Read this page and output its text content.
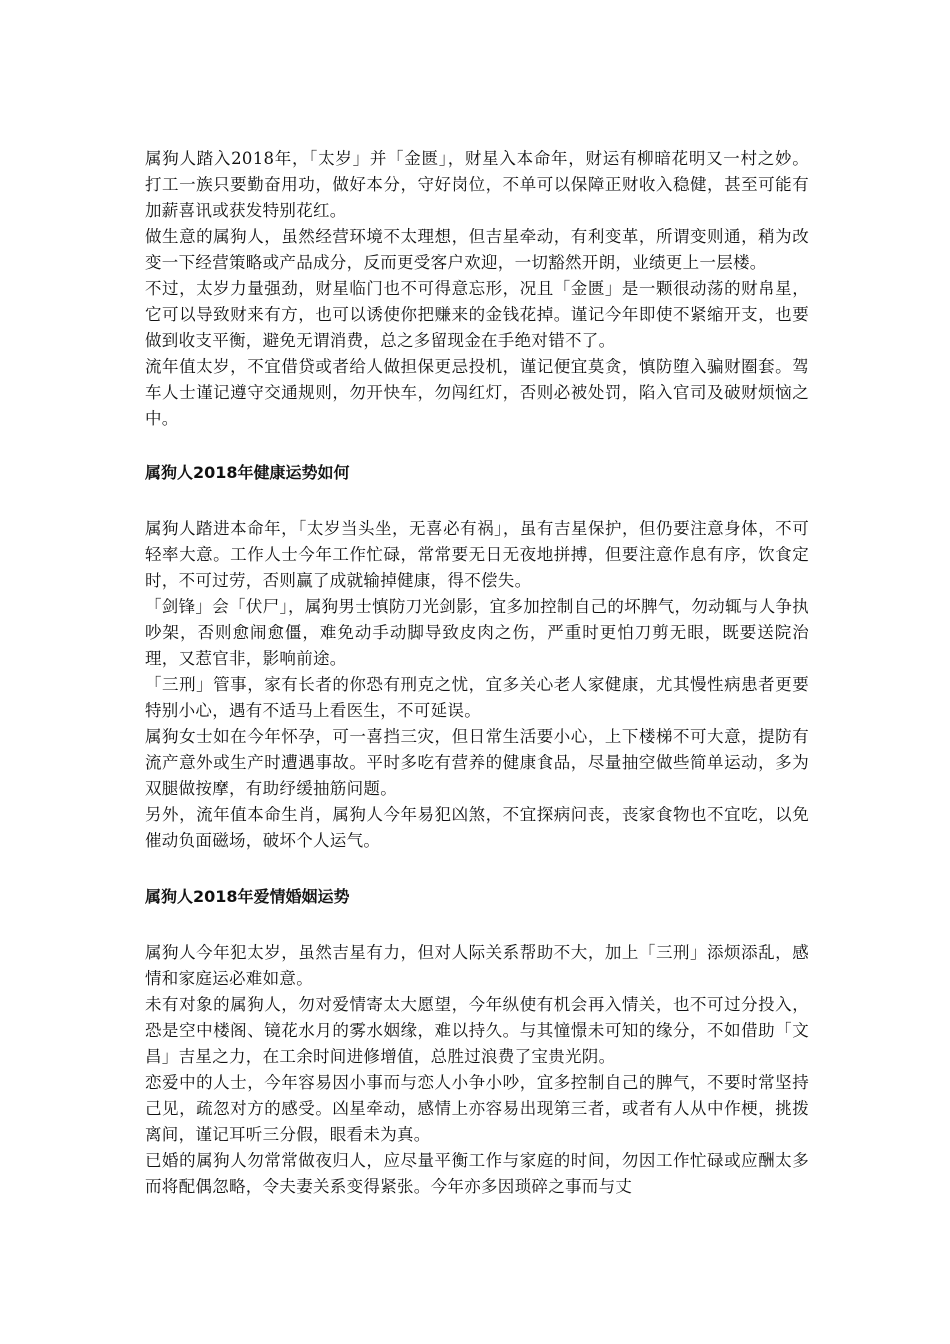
属狗人踏入2018年，「太岁」并「金匮」，财星入本命年，财运有柳暗花明又一村之妙。打工一族只要勤奋用功，做好本分，守好岗位，不单可以保障正财收入稳健，甚至可能有加薪喜讯或获发特别花红。

做生意的属狗人，虽然经营环境不太理想，但吉星牵动，有利变革，所谓变则通，稍为改变一下经营策略或产品成分，反而更受客户欢迎，一切豁然开朗，业绩更上一层楼。

不过，太岁力量强劲，财星临门也不可得意忘形，况且「金匮」是一颗很动荡的财帛星，它可以导致财来有方，也可以诱使你把赚来的金钱花掉。谨记今年即使不紧缩开支，也要做到收支平衡，避免无谓消费，总之多留现金在手绝对错不了。

流年值太岁，不宜借贷或者给人做担保更忌投机，谨记便宜莫贪，慎防堕入骗财圈套。驾车人士谨记遵守交通规则，勿开快车，勿闯红灯，否则必被处罚，陷入官司及破财烦恼之中。

属狗人2018年健康运势如何

属狗人踏进本命年，「太岁当头坐，无喜必有祸」，虽有吉星保护，但仍要注意身体，不可轻率大意。工作人士今年工作忙碌，常常要无日无夜地拼搏，但要注意作息有序，饮食定时，不可过劳，否则赢了成就输掉健康，得不偿失。

「剑锋」会「伏尸」，属狗男士慎防刀光剑影，宜多加控制自己的坏脾气，勿动辄与人争执吵架，否则愈闹愈僵，难免动手动脚导致皮肉之伤，严重时更怕刀剪无眼，既要送院治理，又惹官非，影响前途。

「三刑」管事，家有长者的你恐有刑克之忧，宜多关心老人家健康，尤其慢性病患者更要特别小心，遇有不适马上看医生，不可延误。

属狗女士如在今年怀孕，可一喜挡三灾，但日常生活要小心，上下楼梯不可大意，提防有流产意外或生产时遭遇事故。平时多吃有营养的健康食品，尽量抽空做些简单运动，多为双腿做按摩，有助纾缓抽筋问题。

另外，流年值本命生肖，属狗人今年易犯凶煞，不宜探病问丧，丧家食物也不宜吃，以免催动负面磁场，破坏个人运气。

属狗人2018年爱情婚姻运势

属狗人今年犯太岁，虽然吉星有力，但对人际关系帮助不大，加上「三刑」添烦添乱，感情和家庭运必难如意。

未有对象的属狗人，勿对爱情寄太大愿望，今年纵使有机会再入情关，也不可过分投入，恐是空中楼阁、镜花水月的雾水姻缘，难以持久。与其憧憬未可知的缘分，不如借助「文昌」吉星之力，在工余时间进修增值，总胜过浪费了宝贵光阴。

恋爱中的人士，今年容易因小事而与恋人小争小吵，宜多控制自己的脾气，不要时常坚持己见，疏忽对方的感受。凶星牵动，感情上亦容易出现第三者，或者有人从中作梗，挑拨离间，谨记耳听三分假，眼看未为真。

已婚的属狗人勿常常做夜归人，应尽量平衡工作与家庭的时间，勿因工作忙碌或应酬太多而将配偶忽略，令夫妻关系变得紧张。今年亦多因琐碎之事而与丈
